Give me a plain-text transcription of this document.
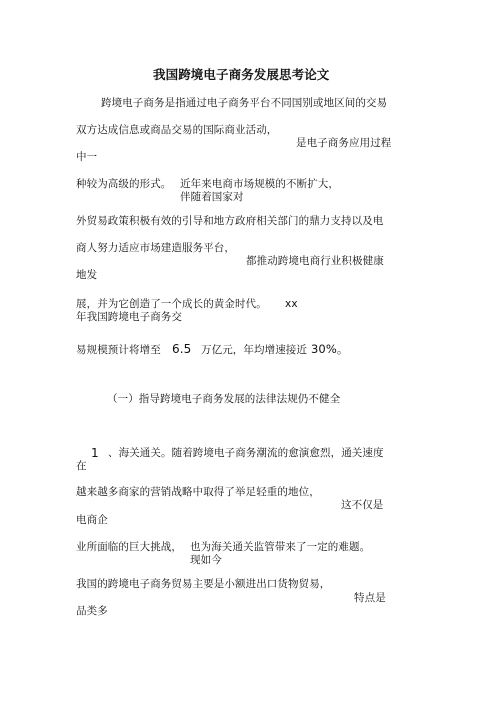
我国跨境电子商务发展思考论文
跨境电子商务是指通过电子商务平台不同国别或地区间的交易
双方达成信息或商品交易的国际商业活动，
是电子商务应用过程
中一
种较为高级的形式。 近年来电商市场规模的不断扩大，
伴随着国家对
外贸易政策积极有效的引导和地方政府相关部门的鼎力支持以及电
商人努力适应市场建造服务平台，
都推动跨境电商行业积极健康
地发
展，并为它创造了一个成长的黄金时代。 xx
年我国跨境电子商务交
易规模预计将增至 6.5 万亿元，年均增速接近 30%。
（一）指导跨境电子商务发展的法律法规仍不健全
1 、海关通关。随着跨境电子商务潮流的愈演愈烈，通关速度
在
越来越多商家的营销战略中取得了举足轻重的地位，
这不仅是
电商企
业所面临的巨大挑战， 也为海关通关监管带来了一定的难题。
现如今
我国的跨境电子商务贸易主要是小额进出口货物贸易，
特点是
品类多
